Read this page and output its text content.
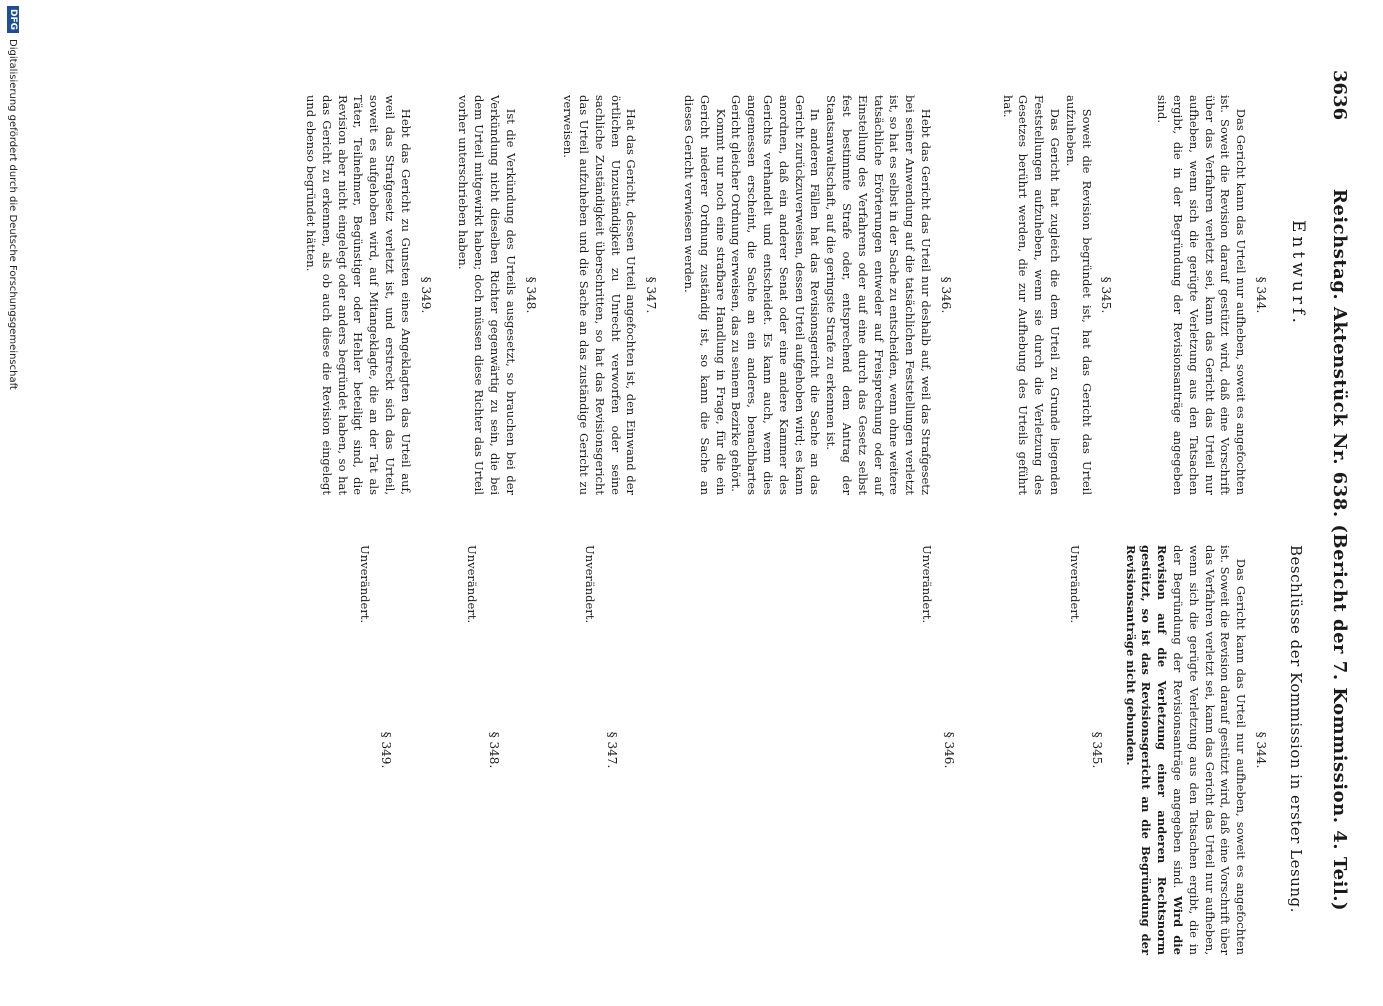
3636
Reichstag. Aktenstück Nr. 638. (Bericht der 7. Kommission. 4. Teil.)
Entwurf.
§ 344.

Das Gericht kann das Urteil nur aufheben, soweit es angefochten ist. Soweit die Revision darauf gestützt wird, daß eine Vorschrift über das Verfahren verletzt sei, kann das Gericht das Urteil nur aufheben, wenn sich die gerügte Verletzung aus den Tatsachen ergibt, die in der Begründung der Revisionsanträge angegeben sind.

§ 345.

Soweit die Revision begründet ist, hat das Gericht das Urteil aufzuheben.

Das Gericht hat zugleich die dem Urteil zu Grunde liegenden Feststellungen aufzuheben, wenn sie durch die Verletzung des Gesetzes berührt werden, die zur Aufhebung des Urteils geführt hat.

§ 346.

Hebt das Gericht das Urteil nur deshalb auf, weil das Strafgesetz bei seiner Anwendung auf die tatsächlichen Feststellungen verletzt ist, so hat es selbst in der Sache zu entscheiden, wenn ohne weitere tatsächliche Erörterungen entweder auf Freisprechung oder auf Einstellung des Verfahrens oder auf eine durch das Gesetz selbst fest bestimmte Strafe oder, entsprechend dem Antrag der Staatsanwaltschaft, auf die geringste Strafe zu erkennen ist.

In anderen Fällen hat das Revisionsgericht die Sache an das Gericht zurückzuverweisen, dessen Urteil aufgehoben wird; es kann anordnen, daß ein anderer Senat oder eine andere Kammer des Gerichts verhandelt und entscheidet. Es kann auch, wenn dies angemessen erscheint, die Sache an ein anderes, benachbartes Gericht gleicher Ordnung verweisen, das zu seinem Bezirke gehört.

Kommt nur noch eine strafbare Handlung in Frage, für die ein Gericht niederer Ordnung zuständig ist, so kann die Sache an dieses Gericht verwiesen werden.

§ 347.

Hat das Gericht, dessen Urteil angefochten ist, den Einwand der örtlichen Unzuständigkeit zu Unrecht verworfen oder seine sachliche Zuständigkeit überschritten, so hat das Revisionsgericht das Urteil aufzuheben und die Sache an das zuständige Gericht zu verweisen.

§ 348.

Ist die Verkündung des Urteils ausgesetzt, so brauchen bei der Verkündung nicht dieselben Richter gegenwärtig zu sein, die bei dem Urteil mitgewirkt haben; doch müssen diese Richter das Urteil vorher unterschrieben haben.

§ 349.

Hebt das Gericht zu Gunsten eines Angeklagten das Urteil auf, weil das Strafgesetz verletzt ist, und erstreckt sich das Urteil, soweit es aufgehoben wird, auf Mitangeklagte, die an der Tat als Täter, Teilnehmer, Begünstiger oder Hehler beteiligt sind, die Revision aber nicht eingelegt oder anders begründet haben, so hat das Gericht zu erkennen, als ob auch diese die Revision eingelegt und ebenso begründet hätten.

Beschlüsse der Kommission in erster Lesung.
§ 344.

Das Gericht kann das Urteil nur aufheben, soweit es angefochten ist. Soweit die Revision darauf gestützt wird, daß eine Vorschrift über das Verfahren verletzt sei, kann das Gericht das Urteil nur aufheben, wenn sich die gerügte Verletzung aus den Tatsachen ergibt, die in der Begründung der Revisionsanträge angegeben sind. Wird die Revision auf die Verletzung einer anderen Rechtsnorm gestützt, so ist das Revisionsgericht an die Begründung der Revisionsanträge nicht gebunden.

§ 345.
Unverändert.
§ 346.
Unverändert.
§ 347.
Unverändert.
§ 348.
Unverändert.
§ 349.
Unverändert.
DFG
Digitalisierung gefördert durch die Deutsche Forschungsgemeinschaft
